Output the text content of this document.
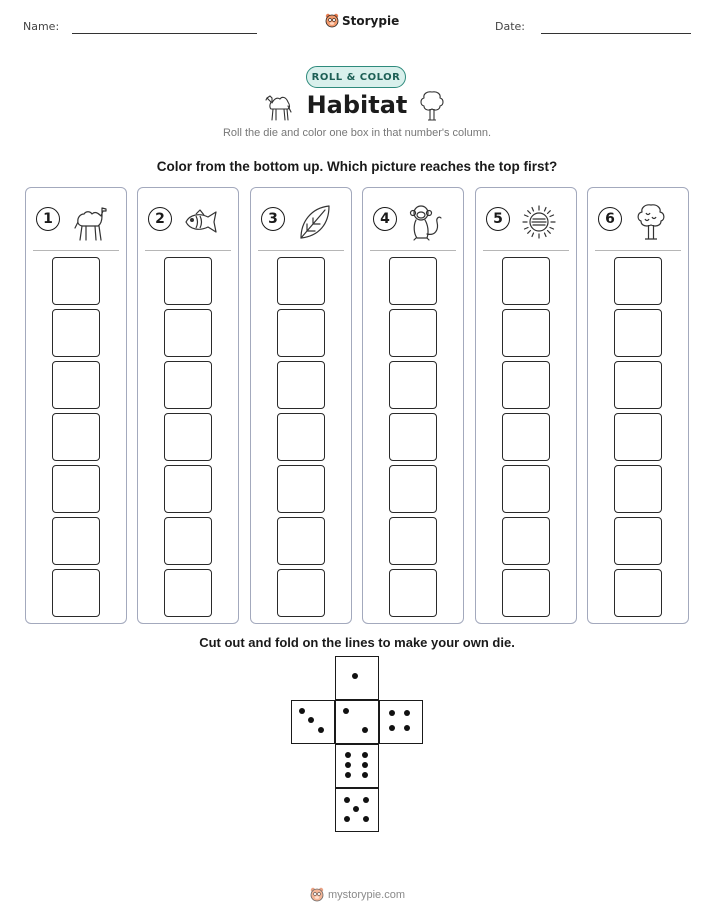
Name:	Storypie	Date:
ROLL & COLOR
Habitat
Roll the die and color one box in that number's column.
Color from the bottom up. Which picture reaches the top first?
1	2	3	4	5	6
Cut out and fold on the lines to make your own die.
mystorypie.com
